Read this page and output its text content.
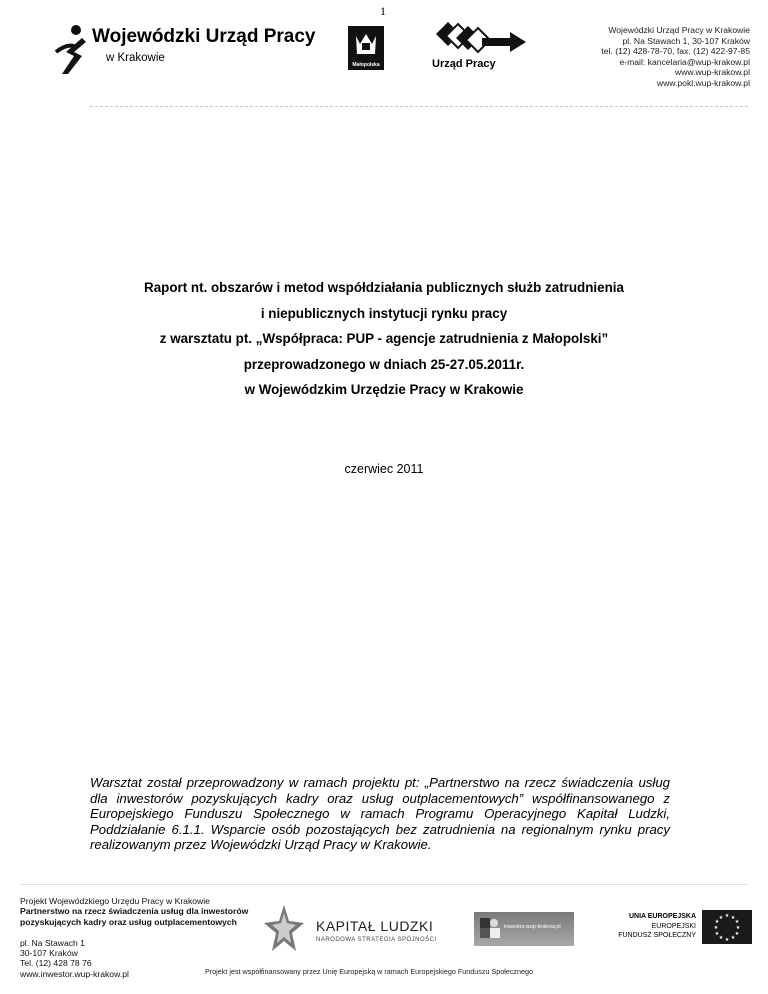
1
Wojewódzki Urząd Pracy
w Krakowie
Małopolska	Urząd Pracy
Wojewódzki Urząd Pracy w Krakowie
pl. Na Stawach 1, 30-107 Kraków
tel. (12) 428-78-70, fax. (12) 422-97-85
e-mail: kancelaria@wup-krakow.pl
www.wup-krakow.pl
www.pokl.wup-krakow.pl
Raport nt. obszarów i metod współdziałania publicznych służb zatrudnienia
i niepublicznych instytucji rynku pracy
z warsztatu pt. „Współpraca: PUP - agencje zatrudnienia z Małopolski”
przeprowadzonego w dniach 25-27.05.2011r.
w Wojewódzkim Urzędzie Pracy w Krakowie
czerwiec 2011
Warsztat został przeprowadzony w ramach projektu pt: „Partnerstwo na rzecz świadczenia usług dla inwestorów pozyskujących kadry oraz usług outplacementowych” współfinansowanego z Europejskiego Funduszu Społecznego w ramach Programu Operacyjnego Kapitał Ludzki, Poddziałanie 6.1.1. Wsparcie osób pozostających bez zatrudnienia na regionalnym rynku pracy realizowanym przez Wojewódzki Urząd Pracy w Krakowie.
Projekt Wojewódzkiego Urzędu Pracy w Krakowie
Partnerstwo na rzecz świadczenia usług dla inwestorów
pozyskujących kadry oraz usług outplacementowych
pl. Na Stawach 1
30-107 Kraków
Tel. (12) 428 78 76
www.inwestor.wup-krakow.pl
KAPITAŁ LUDZKI
NARODOWA STRATEGIA SPÓJNOŚCI
inwestor.wup-krakow.pl
UNIA EUROPEJSKA
EUROPEJSKI
FUNDUSZ SPOŁECZNY
★ ★
★
★
★
★
★
★
★
★
★
★
Projekt jest współfinansowany przez Unię Europejską w ramach Europejskiego Funduszu Społecznego
